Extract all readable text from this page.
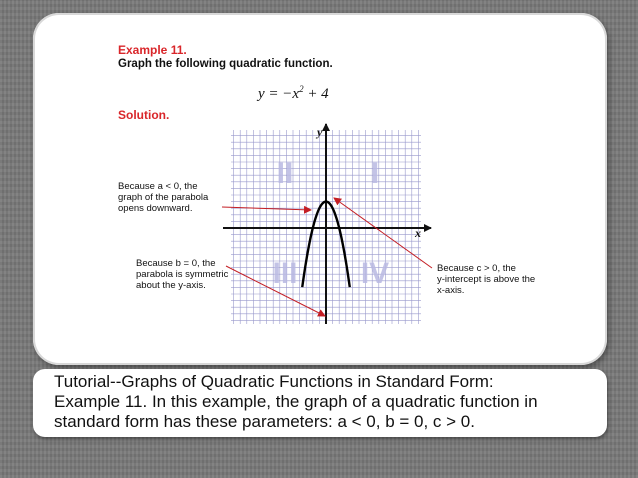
Example 11.
Graph the following quadratic function.
$y = -x^2 + 4$
Solution.
II	I
III IV
y
x
Because a < 0, the
graph of the parabola
opens downward.
Because b = 0, the
parabola is symmetric
about the y-axis.
Because c > 0, the
y-intercept is above the
x-axis.
Tutorial--Graphs of Quadratic Functions in Standard Form:
Example 11. In this example, the graph of a quadratic function in
standard form has these parameters: a < 0, b = 0, c > 0.
